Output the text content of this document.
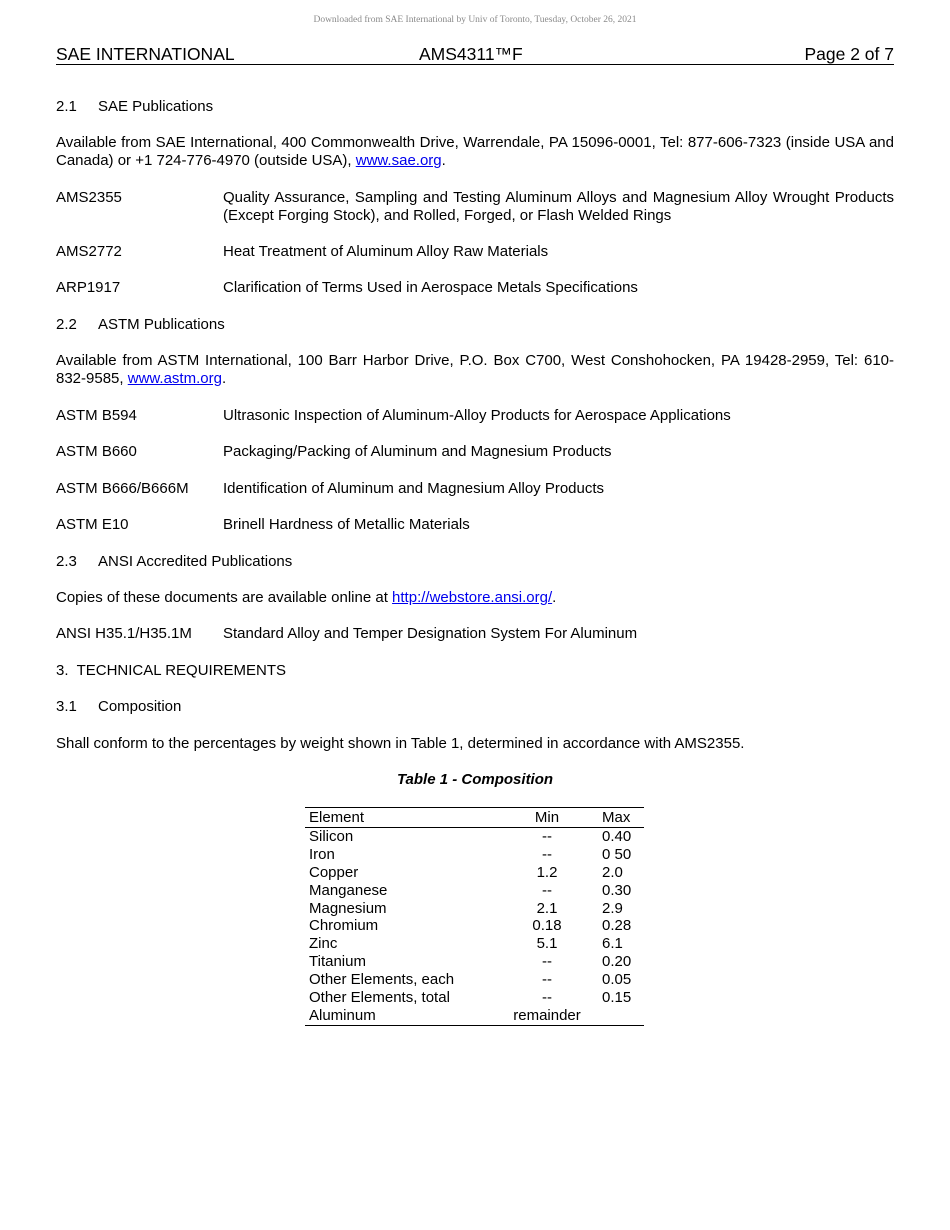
Downloaded from SAE International by Univ of Toronto, Tuesday, October 26, 2021
SAE INTERNATIONAL	AMS4311™F	Page 2 of 7
2.1 SAE Publications
Available from SAE International, 400 Commonwealth Drive, Warrendale, PA 15096-0001, Tel: 877-606-7323 (inside USA and Canada) or +1 724-776-4970 (outside USA), www.sae.org.
AMS2355	Quality Assurance, Sampling and Testing Aluminum Alloys and Magnesium Alloy Wrought Products (Except Forging Stock), and Rolled, Forged, or Flash Welded Rings
AMS2772	Heat Treatment of Aluminum Alloy Raw Materials
ARP1917	Clarification of Terms Used in Aerospace Metals Specifications
2.2 ASTM Publications
Available from ASTM International, 100 Barr Harbor Drive, P.O. Box C700, West Conshohocken, PA 19428-2959, Tel: 610-832-9585, www.astm.org.
ASTM B594	Ultrasonic Inspection of Aluminum-Alloy Products for Aerospace Applications
ASTM B660	Packaging/Packing of Aluminum and Magnesium Products
ASTM B666/B666M Identification of Aluminum and Magnesium Alloy Products
ASTM E10	Brinell Hardness of Metallic Materials
2.3 ANSI Accredited Publications
Copies of these documents are available online at http://webstore.ansi.org/.
ANSI H35.1/H35.1M Standard Alloy and Temper Designation System For Aluminum
3.  TECHNICAL REQUIREMENTS
3.1 Composition
Shall conform to the percentages by weight shown in Table 1, determined in accordance with AMS2355.
Table 1 - Composition
Element	Min	Max
Silicon	--	0.40
Iron	--	0 50
Copper	1.2	2.0
Manganese	--	0.30
Magnesium	2.1	2.9
Chromium	0.18	0.28
Zinc	5.1	6.1
Titanium	--	0.20
Other Elements, each	--	0.05
Other Elements, total	--	0.15
Aluminum	remainder	
